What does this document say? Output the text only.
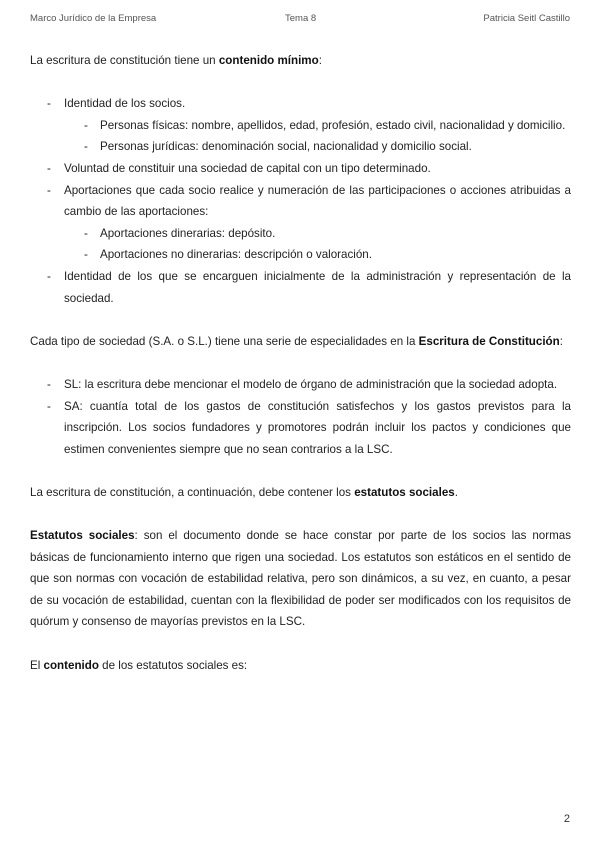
Marco Jurídico de la Empresa	Tema 8	Patricia Seitl Castillo

La escritura de constitución tiene un contenido mínimo:

- Identidad de los socios.
- Personas físicas: nombre, apellidos, edad, profesión, estado civil, nacionalidad y domicilio.
- Personas jurídicas: denominación social, nacionalidad y domicilio social.
- Voluntad de constituir una sociedad de capital con un tipo determinado.
- Aportaciones que cada socio realice y numeración de las participaciones o acciones atribuidas a cambio de las aportaciones:
- Aportaciones dinerarias: depósito.
- Aportaciones no dinerarias: descripción o valoración.
- Identidad de los que se encarguen inicialmente de la administración y representación de la sociedad.

Cada tipo de sociedad (S.A. o S.L.) tiene una serie de especialidades en la Escritura de Constitución:

- SL: la escritura debe mencionar el modelo de órgano de administración que la sociedad adopta.
- SA: cuantía total de los gastos de constitución satisfechos y los gastos previstos para la inscripción. Los socios fundadores y promotores podrán incluir los pactos y condiciones que estimen convenientes siempre que no sean contrarios a la LSC.

La escritura de constitución, a continuación, debe contener los estatutos sociales.

Estatutos sociales: son el documento donde se hace constar por parte de los socios las normas básicas de funcionamiento interno que rigen una sociedad. Los estatutos son estáticos en el sentido de que son normas con vocación de estabilidad relativa, pero son dinámicos, a su vez, en cuanto, a pesar de su vocación de estabilidad, cuentan con la flexibilidad de poder ser modificados con los requisitos de quórum y consenso de mayorías previstos en la LSC.

El contenido de los estatutos sociales es:

2
